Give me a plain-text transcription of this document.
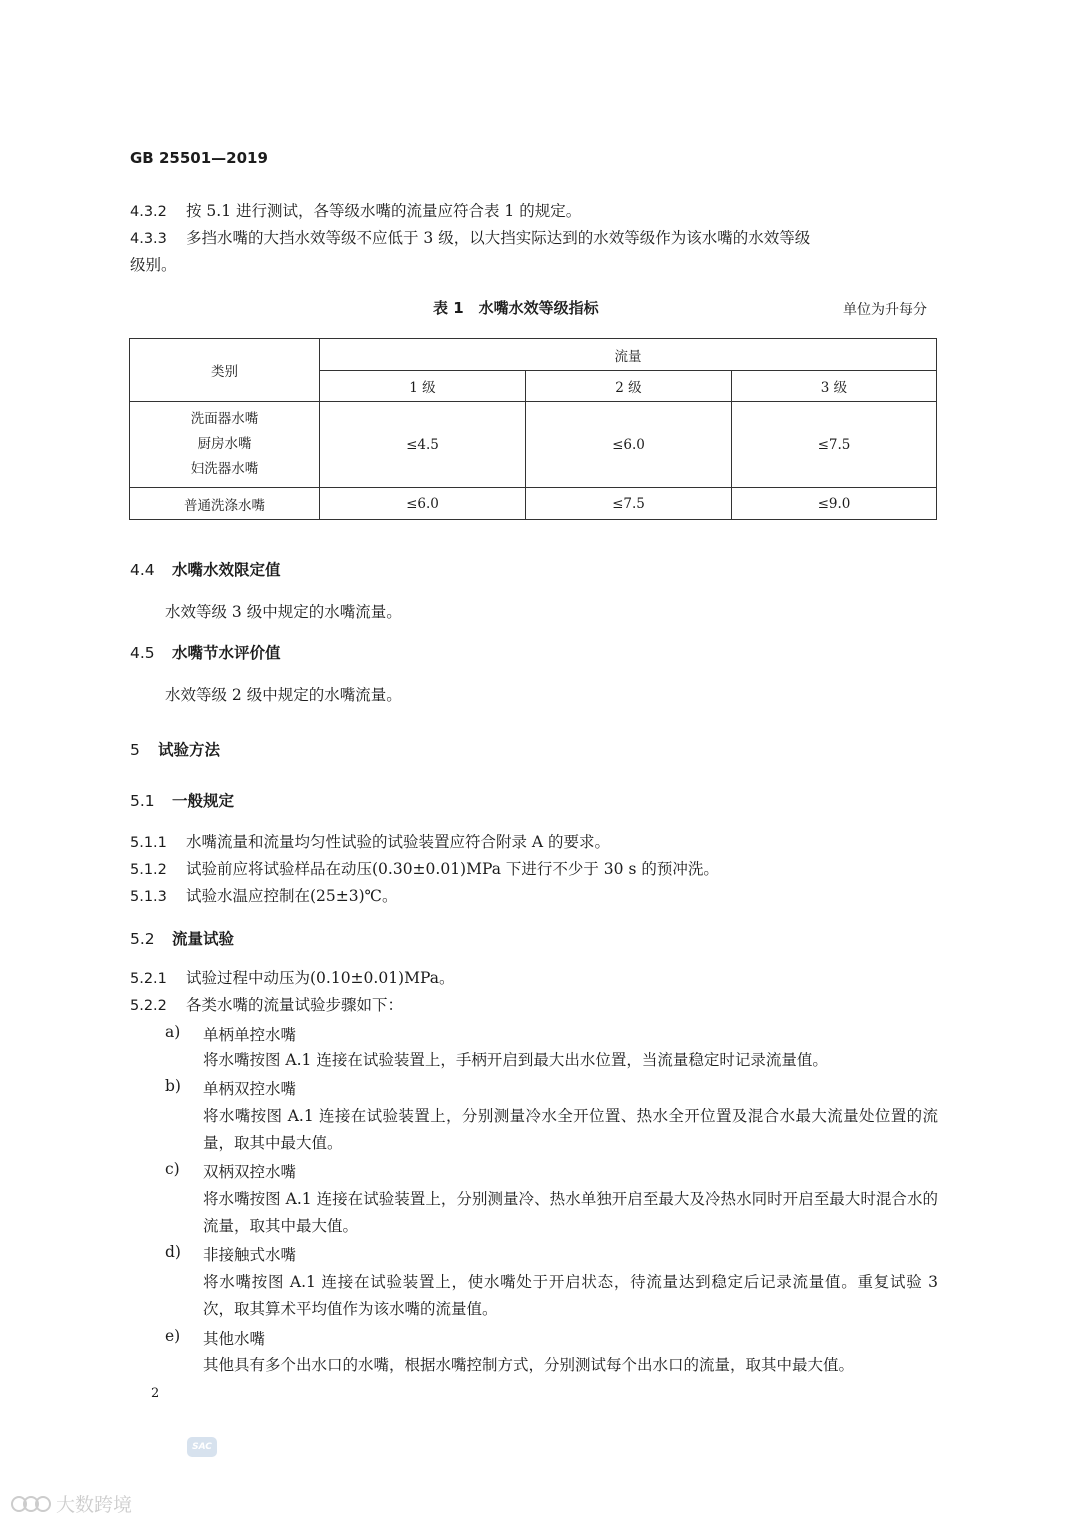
GB 25501—2019
4.3.2 按 5.1 进行测试，各等级水嘴的流量应符合表 1 的规定。
4.3.3 多挡水嘴的大挡水效等级不应低于 3 级，以大挡实际达到的水效等级作为该水嘴的水效等级
级别。
表 1　水嘴水效等级指标	单位为升每分
类别	流量		
	1 级	2 级	3 级

洗面器水嘴
厨房水嘴
妇洗器水嘴	≤4.5	≤6.0	≤7.5
普通洗涤水嘴	≤6.0	≤7.5	≤9.0
4.4 水嘴水效限定值
水效等级 3 级中规定的水嘴流量。
4.5 水嘴节水评价值
水效等级 2 级中规定的水嘴流量。
5 试验方法
5.1 一般规定
5.1.1 水嘴流量和流量均匀性试验的试验装置应符合附录 A 的要求。
5.1.2 试验前应将试验样品在动压(0.30±0.01)MPa 下进行不少于 30 s 的预冲洗。
5.1.3 试验水温应控制在(25±3)℃。
5.2 流量试验
5.2.1 试验过程中动压为(0.10±0.01)MPa。
5.2.2 各类水嘴的流量试验步骤如下：
a) 单柄单控水嘴
将水嘴按图 A.1 连接在试验装置上，手柄开启到最大出水位置，当流量稳定时记录流量值。
b) 单柄双控水嘴
将水嘴按图 A.1 连接在试验装置上，分别测量冷水全开位置、热水全开位置及混合水最大流量处位置的流量，取其中最大值。
c) 双柄双控水嘴
将水嘴按图 A.1 连接在试验装置上，分别测量冷、热水单独开启至最大及冷热水同时开启至最大时混合水的流量，取其中最大值。
d) 非接触式水嘴
将水嘴按图 A.1 连接在试验装置上，使水嘴处于开启状态，待流量达到稳定后记录流量值。重复试验 3 次，取其算术平均值作为该水嘴的流量值。
e) 其他水嘴
其他具有多个出水口的水嘴，根据水嘴控制方式，分别测试每个出水口的流量，取其中最大值。
2
SAC
大数跨境
